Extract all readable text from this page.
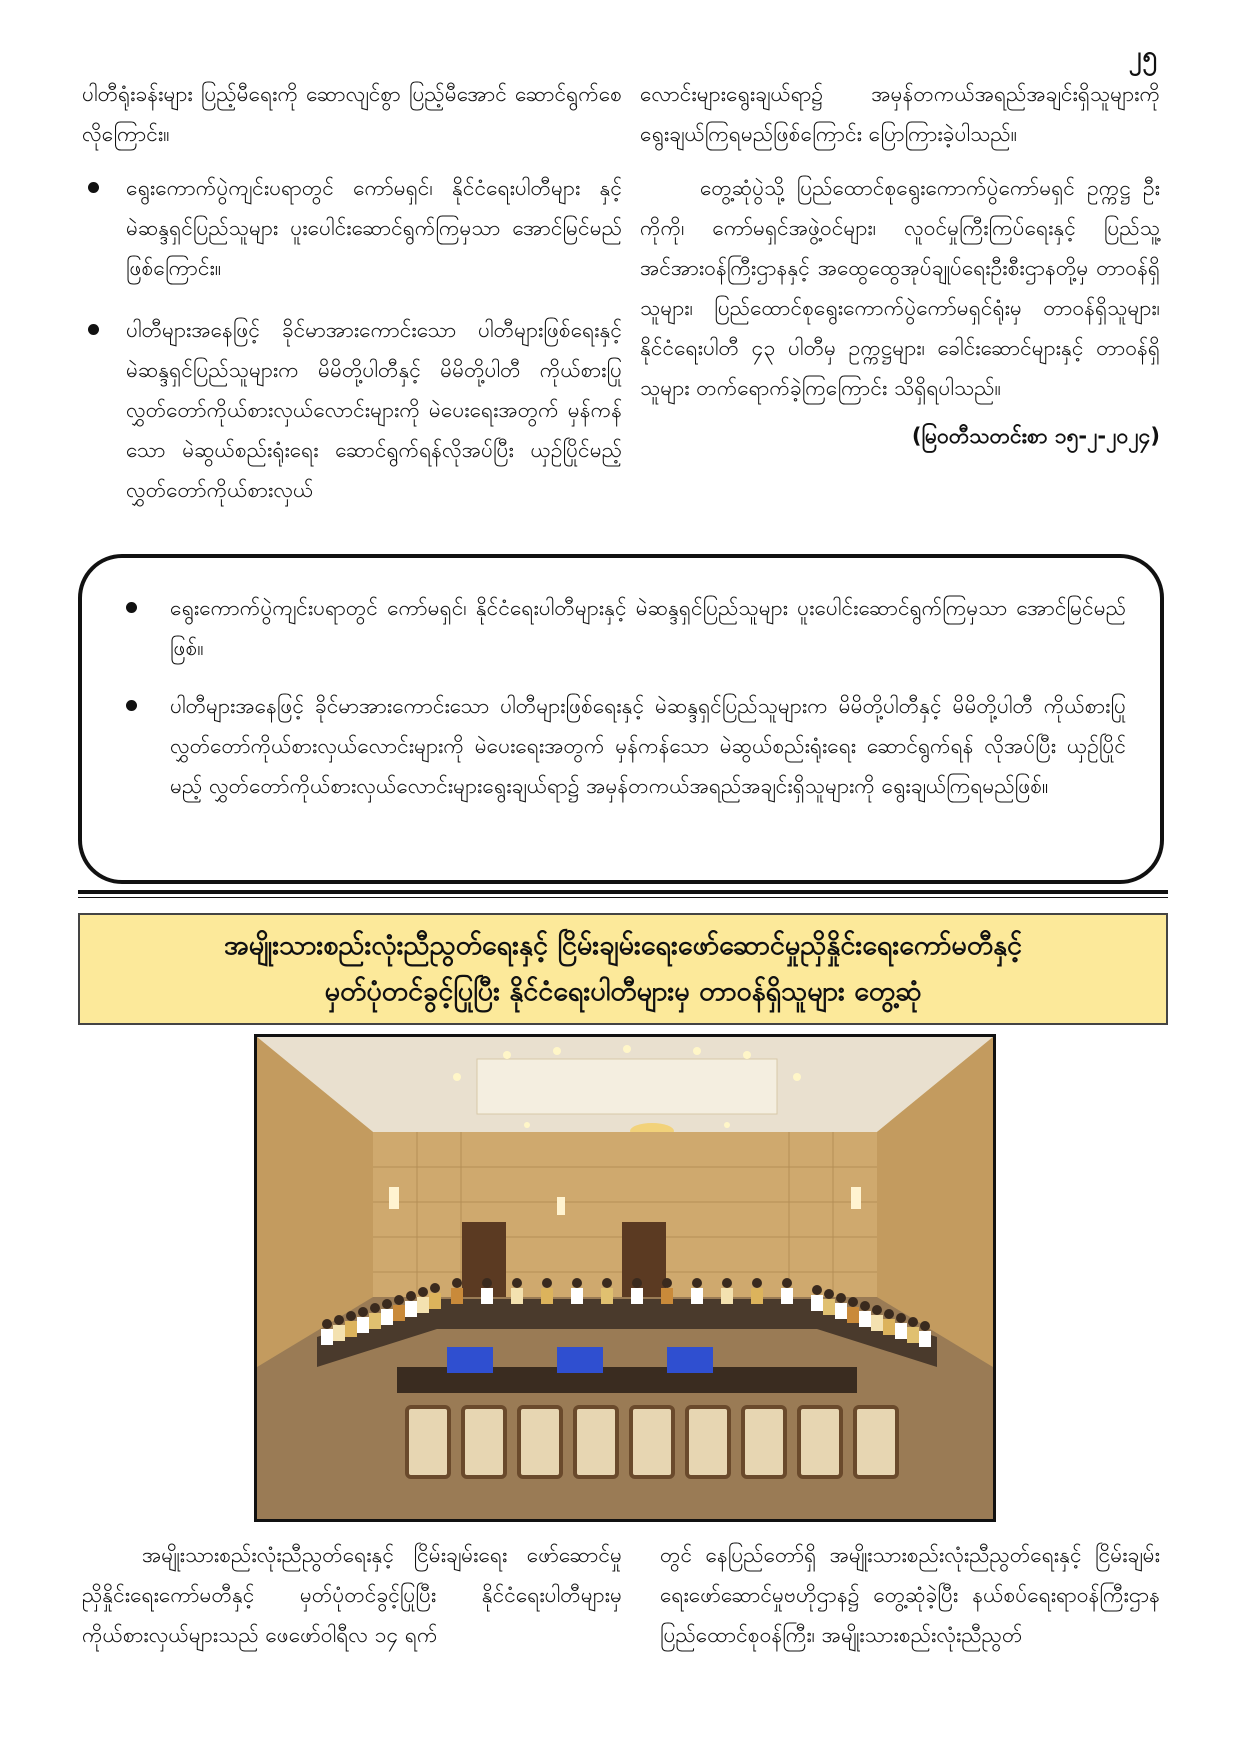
၂၅

ပါတီရုံးခန်းများ ပြည့်မီရေးကို ဆောလျင်စွာ ပြည့်မီအောင် ဆောင်ရွက်စေလိုကြောင်း။

ရွေးကောက်ပွဲကျင်းပရာတွင် ကော်မရှင်၊ နိုင်ငံရေးပါတီများ နှင့် မဲဆန္ဒရှင်ပြည်သူများ ပူးပေါင်းဆောင်ရွက်ကြမှသာ အောင်မြင်မည်ဖြစ်ကြောင်း။
ပါတီများအနေဖြင့် ခိုင်မာအားကောင်းသော ပါတီများဖြစ်ရေးနှင့် မဲဆန္ဒရှင်ပြည်သူများက မိမိတို့ပါတီနှင့် မိမိတို့ပါတီ ကိုယ်စားပြု လွှတ်တော်ကိုယ်စားလှယ်လောင်းများကို မဲပေးရေးအတွက် မှန်ကန်သော မဲဆွယ်စည်းရုံးရေး ဆောင်ရွက်ရန်လိုအပ်ပြီး ယှဉ်ပြိုင်မည့် လွှတ်တော်ကိုယ်စားလှယ်

လောင်းများရွေးချယ်ရာ၌ အမှန်တကယ်အရည်အချင်းရှိသူများကို ရွေးချယ်ကြရမည်ဖြစ်ကြောင်း ပြောကြားခဲ့ပါသည်။

တွေ့ဆုံပွဲသို့ ပြည်ထောင်စုရွေးကောက်ပွဲကော်မရှင် ဥက္ကဋ္ဌ ဦးကိုကို၊ ကော်မရှင်အဖွဲ့ဝင်များ၊ လူဝင်မှုကြီးကြပ်ရေးနှင့် ပြည်သူ့အင်အားဝန်ကြီးဌာနနှင့် အထွေထွေအုပ်ချုပ်ရေးဦးစီးဌာနတို့မှ တာဝန်ရှိသူများ၊ ပြည်ထောင်စုရွေးကောက်ပွဲကော်မရှင်ရုံးမှ တာဝန်ရှိသူများ၊ နိုင်ငံရေးပါတီ ၄၃ ပါတီမှ ဥက္ကဋ္ဌများ၊ ခေါင်းဆောင်များနှင့် တာဝန်ရှိသူများ တက်ရောက်ခဲ့ကြကြောင်း သိရှိရပါသည်။

(မြဝတီသတင်းစာ ၁၅-၂-၂၀၂၄)
ရွေးကောက်ပွဲကျင်းပရာတွင် ကော်မရှင်၊ နိုင်ငံရေးပါတီများနှင့် မဲဆန္ဒရှင်ပြည်သူများ ပူးပေါင်းဆောင်ရွက်ကြမှသာ အောင်မြင်မည်ဖြစ်။
ပါတီများအနေဖြင့် ခိုင်မာအားကောင်းသော ပါတီများဖြစ်ရေးနှင့် မဲဆန္ဒရှင်ပြည်သူများက မိမိတို့ပါတီနှင့် မိမိတို့ပါတီ ကိုယ်စားပြုလွှတ်တော်ကိုယ်စားလှယ်လောင်းများကို မဲပေးရေးအတွက် မှန်ကန်သော မဲဆွယ်စည်းရုံးရေး ဆောင်ရွက်ရန် လိုအပ်ပြီး ယှဉ်ပြိုင်မည့် လွှတ်တော်ကိုယ်စားလှယ်လောင်းများရွေးချယ်ရာ၌ အမှန်တကယ်အရည်အချင်းရှိသူများကို ရွေးချယ်ကြရမည်ဖြစ်။
အမျိုးသားစည်းလုံးညီညွတ်ရေးနှင့် ငြိမ်းချမ်းရေးဖော်ဆောင်မှုညှိနှိုင်းရေးကော်မတီနှင့်
မှတ်ပုံတင်ခွင့်ပြုပြီး နိုင်ငံရေးပါတီများမှ တာဝန်ရှိသူများ တွေ့ဆုံ
အမျိုးသားစည်းလုံးညီညွတ်ရေးနှင့် ငြိမ်းချမ်းရေး ဖော်ဆောင်မှုညှိနှိုင်းရေးကော်မတီနှင့် မှတ်ပုံတင်ခွင့်ပြုပြီး နိုင်ငံရေးပါတီများမှ ကိုယ်စားလှယ်များသည် ဖေဖော်ဝါရီလ ၁၄ ရက်
တွင် နေပြည်တော်ရှိ အမျိုးသားစည်းလုံးညီညွတ်ရေးနှင့် ငြိမ်းချမ်းရေးဖော်ဆောင်မှုဗဟိုဌာန၌ တွေ့ဆုံခဲ့ပြီး နယ်စပ်ရေးရာဝန်ကြီးဌာန ပြည်ထောင်စုဝန်ကြီး၊ အမျိုးသားစည်းလုံးညီညွတ်
